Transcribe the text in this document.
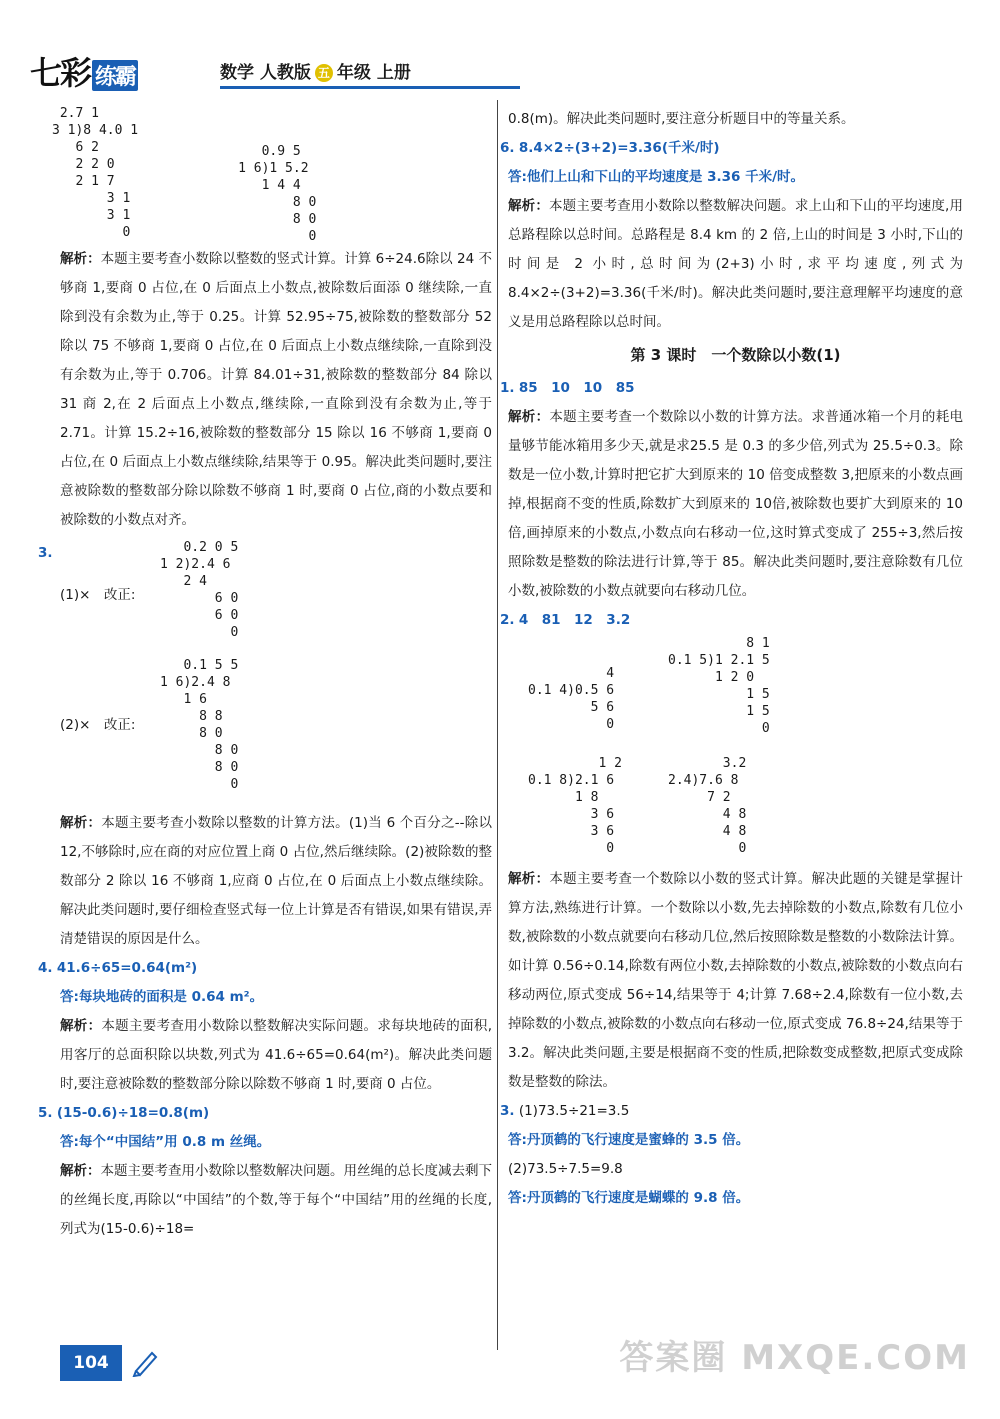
七彩 练霸	数学 人教版 五 年级 上册
2.7 1
3 1)8 4.0 1
6 2
2 2 0
2 1 7
3 1
3 1
0
0.9 5
1 6)1 5.2
1 4 4
8 0
8 0
0
解析：本题主要考查小数除以整数的竖式计算。计算 6÷24.6除以 24 不够商 1,要商 0 占位,在 0 后面点上小数点,被除数后面添 0 继续除,一直除到没有余数为止,等于 0.25。计算 52.95÷75,被除数的整数部分 52 除以 75 不够商 1,要商 0 占位,在 0 后面点上小数点继续除,一直除到没有余数为止,等于 0.706。计算 84.01÷31,被除数的整数部分 84 除以 31 商 2,在 2 后面点上小数点,继续除,一直除到没有余数为止,等于 2.71。计算 15.2÷16,被除数的整数部分 15 除以 16 不够商 1,要商 0 占位,在 0 后面点上小数点继续除,结果等于 0.95。解决此类问题时,要注意被除数的整数部分除以除数不够商 1 时,要商 0 占位,商的小数点要和被除数的小数点对齐。
3.
(1)×　改正:
0.2 0 5
1 2)2.4 6
2 4
6 0
6 0
0
(2)×　改正:
0.1 5 5
1 6)2.4 8
1 6
8 8
8 0
8 0
8 0
0
解析：本题主要考查小数除以整数的计算方法。(1)当 6 个百分之--除以 12,不够除时,应在商的对应位置上商 0 占位,然后继续除。(2)被除数的整数部分 2 除以 16 不够商 1,应商 0 占位,在 0 后面点上小数点继续除。解决此类问题时,要仔细检查竖式每一位上计算是否有错误,如果有错误,弄清楚错误的原因是什么。
4. 41.6÷65=0.64(m²)
答:每块地砖的面积是 0.64 m²。
解析：本题主要考查用小数除以整数解决实际问题。求每块地砖的面积,用客厅的总面积除以块数,列式为 41.6÷65=0.64(m²)。解决此类问题时,要注意被除数的整数部分除以除数不够商 1 时,要商 0 占位。
5. (15-0.6)÷18=0.8(m)
答:每个“中国结”用 0.8 m 丝绳。
解析：本题主要考查用小数除以整数解决问题。用丝绳的总长度减去剩下的丝绳长度,再除以“中国结”的个数,等于每个“中国结”用的丝绳的长度,列式为(15-0.6)÷18=
0.8(m)。解决此类问题时,要注意分析题目中的等量关系。
6. 8.4×2÷(3+2)=3.36(千米/时)
答:他们上山和下山的平均速度是 3.36 千米/时。
解析：本题主要考查用小数除以整数解决问题。求上山和下山的平均速度,用总路程除以总时间。总路程是 8.4 km 的 2 倍,上山的时间是 3 小时,下山的时间是 2 小时,总时间为(2+3)小时,求平均速度,列式为 8.4×2÷(3+2)=3.36(千米/时)。解决此类问题时,要注意理解平均速度的意义是用总路程除以总时间。
第 3 课时　一个数除以小数(1)
1. 85　10　10　85
解析：本题主要考查一个数除以小数的计算方法。求普通冰箱一个月的耗电量够节能冰箱用多少天,就是求25.5 是 0.3 的多少倍,列式为 25.5÷0.3。除数是一位小数,计算时把它扩大到原来的 10 倍变成整数 3,把原来的小数点画掉,根据商不变的性质,除数扩大到原来的 10倍,被除数也要扩大到原来的 10 倍,画掉原来的小数点,小数点向右移动一位,这时算式变成了 255÷3,然后按照除数是整数的除法进行计算,等于 85。解决此类问题时,要注意除数有几位小数,被除数的小数点就要向右移动几位。
2. 4　81　12　3.2
4
0.1 4)0.5 6
5 6
0
8 1
0.1 5)1 2.1 5
1 2 0
1 5
1 5
0
1 2
0.1 8)2.1 6
1 8
3 6
3 6
0
3.2
2.4)7.6 8
7 2
4 8
4 8
0
解析：本题主要考查一个数除以小数的竖式计算。解决此题的关键是掌握计算方法,熟练进行计算。一个数除以小数,先去掉除数的小数点,除数有几位小数,被除数的小数点就要向右移动几位,然后按照除数是整数的小数除法计算。如计算 0.56÷0.14,除数有两位小数,去掉除数的小数点,被除数的小数点向右移动两位,原式变成 56÷14,结果等于 4;计算 7.68÷2.4,除数有一位小数,去掉除数的小数点,被除数的小数点向右移动一位,原式变成 76.8÷24,结果等于3.2。解决此类问题,主要是根据商不变的性质,把除数变成整数,把原式变成除数是整数的除法。
3. (1)73.5÷21=3.5
答:丹顶鹤的飞行速度是蜜蜂的 3.5 倍。
(2)73.5÷7.5=9.8
答:丹顶鹤的飞行速度是蝴蝶的 9.8 倍。
104	答案圈 MXQE.COM
